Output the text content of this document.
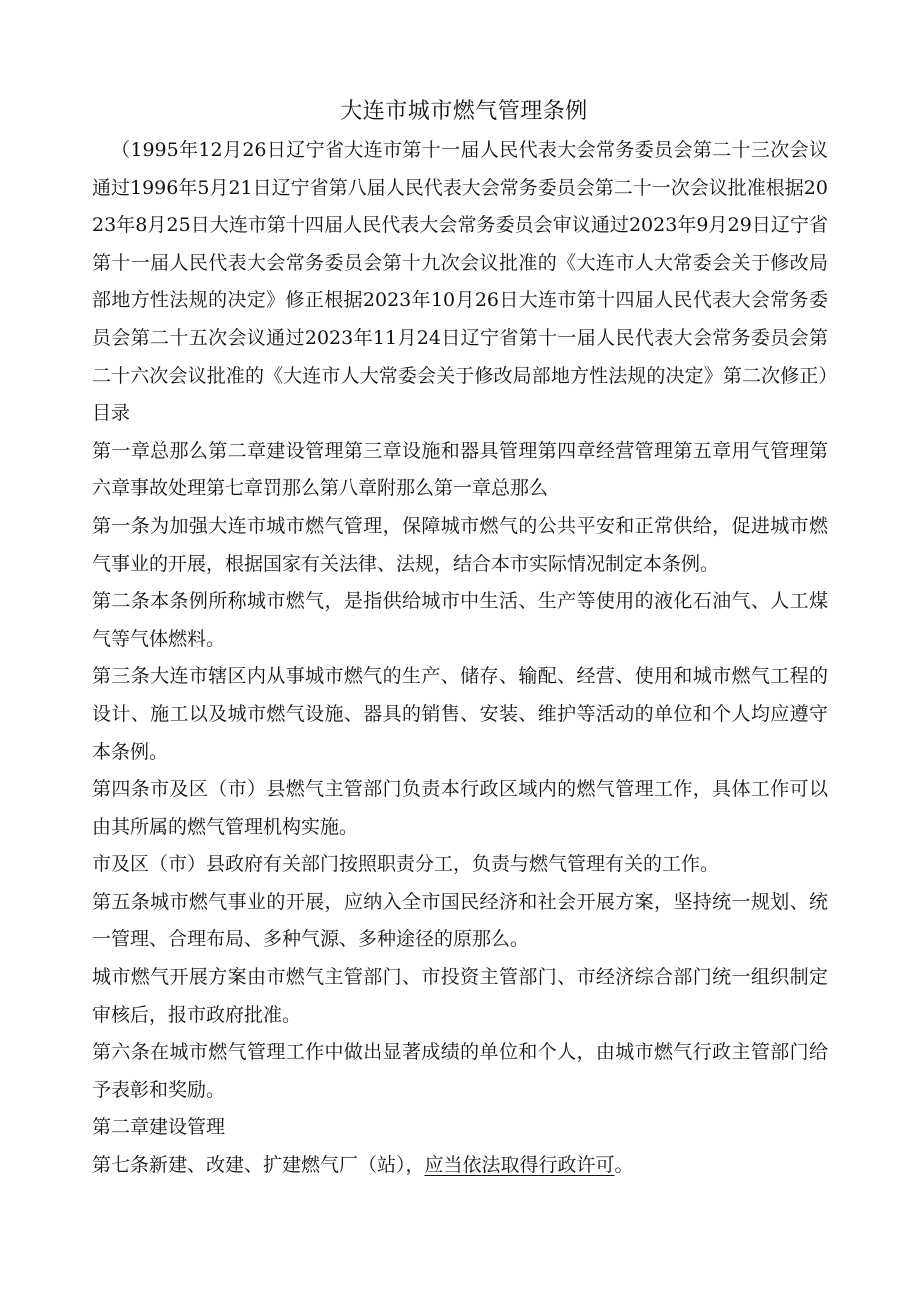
大连市城市燃气管理条例

（1995年12月26日辽宁省大连市第十一届人民代表大会常务委员会第二十三次会议通过1996年5月21日辽宁省第八届人民代表大会常务委员会第二十一次会议批准根据2023年8月25日大连市第十四届人民代表大会常务委员会审议通过2023年9月29日辽宁省第十一届人民代表大会常务委员会第十九次会议批准的《大连市人大常委会关于修改局部地方性法规的决定》修正根据2023年10月26日大连市第十四届人民代表大会常务委员会第二十五次会议通过2023年11月24日辽宁省第十一届人民代表大会常务委员会第二十六次会议批准的《大连市人大常委会关于修改局部地方性法规的决定》第二次修正）目录

第一章总那么第二章建设管理第三章设施和器具管理第四章经营管理第五章用气管理第六章事故处理第七章罚那么第八章附那么第一章总那么

第一条为加强大连市城市燃气管理，保障城市燃气的公共平安和正常供给，促进城市燃气事业的开展，根据国家有关法律、法规，结合本市实际情况制定本条例。

第二条本条例所称城市燃气，是指供给城市中生活、生产等使用的液化石油气、人工煤气等气体燃料。

第三条大连市辖区内从事城市燃气的生产、储存、输配、经营、使用和城市燃气工程的设计、施工以及城市燃气设施、器具的销售、安装、维护等活动的单位和个人均应遵守本条例。

第四条市及区（市）县燃气主管部门负责本行政区域内的燃气管理工作，具体工作可以由其所属的燃气管理机构实施。

市及区（市）县政府有关部门按照职责分工，负责与燃气管理有关的工作。

第五条城市燃气事业的开展，应纳入全市国民经济和社会开展方案，坚持统一规划、统一管理、合理布局、多种气源、多种途径的原那么。

城市燃气开展方案由市燃气主管部门、市投资主管部门、市经济综合部门统一组织制定审核后，报市政府批准。

第六条在城市燃气管理工作中做出显著成绩的单位和个人，由城市燃气行政主管部门给予表彰和奖励。

第二章建设管理

第七条新建、改建、扩建燃气厂（站），应当依法取得行政许可。
